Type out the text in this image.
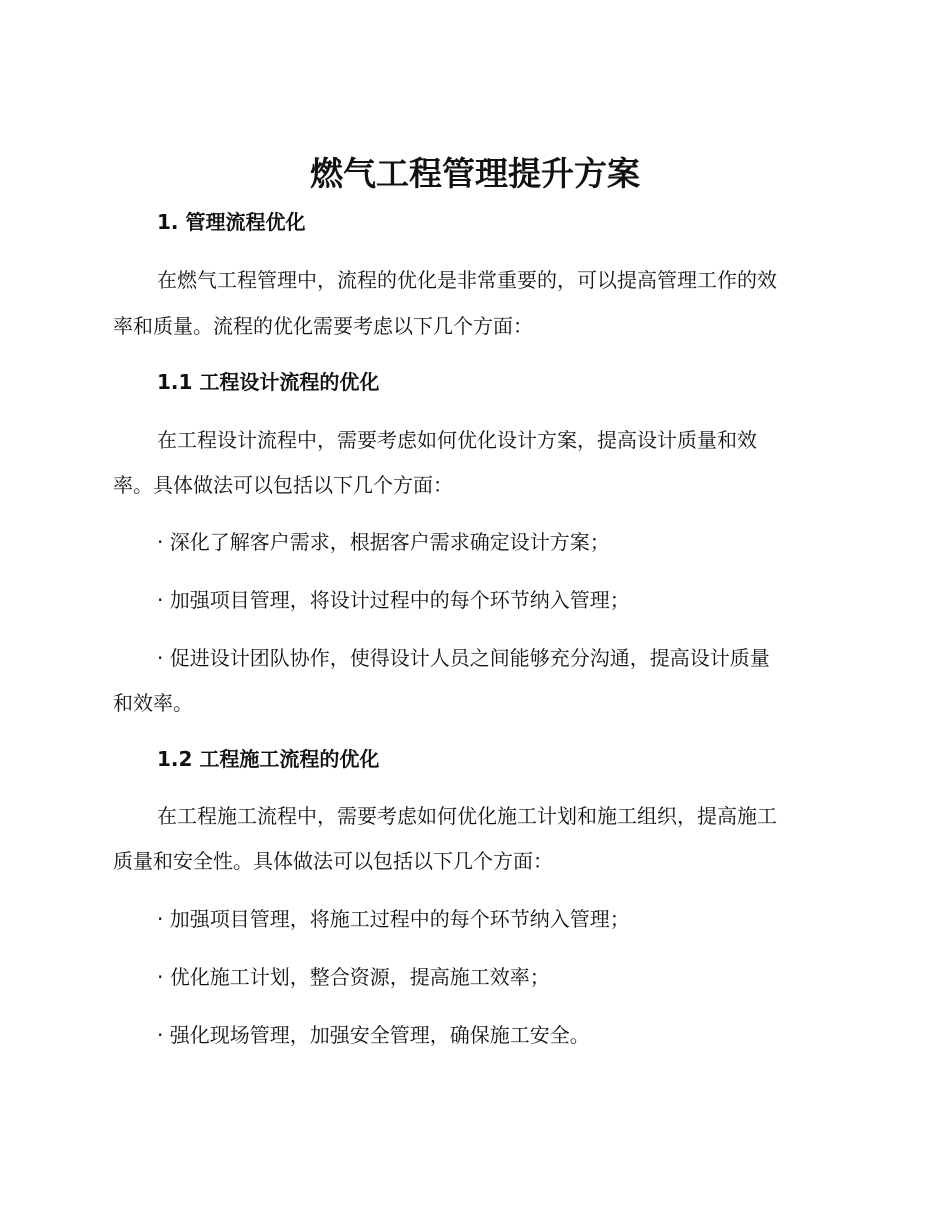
燃气工程管理提升方案
1. 管理流程优化
在燃气工程管理中，流程的优化是非常重要的，可以提高管理工作的效
率和质量。流程的优化需要考虑以下几个方面：
1.1 工程设计流程的优化
在工程设计流程中，需要考虑如何优化设计方案，提高设计质量和效
率。具体做法可以包括以下几个方面：
· 深化了解客户需求，根据客户需求确定设计方案；
· 加强项目管理，将设计过程中的每个环节纳入管理；
· 促进设计团队协作，使得设计人员之间能够充分沟通，提高设计质量
和效率。
1.2 工程施工流程的优化
在工程施工流程中，需要考虑如何优化施工计划和施工组织，提高施工
质量和安全性。具体做法可以包括以下几个方面：
· 加强项目管理，将施工过程中的每个环节纳入管理；
· 优化施工计划，整合资源，提高施工效率；
· 强化现场管理，加强安全管理，确保施工安全。
